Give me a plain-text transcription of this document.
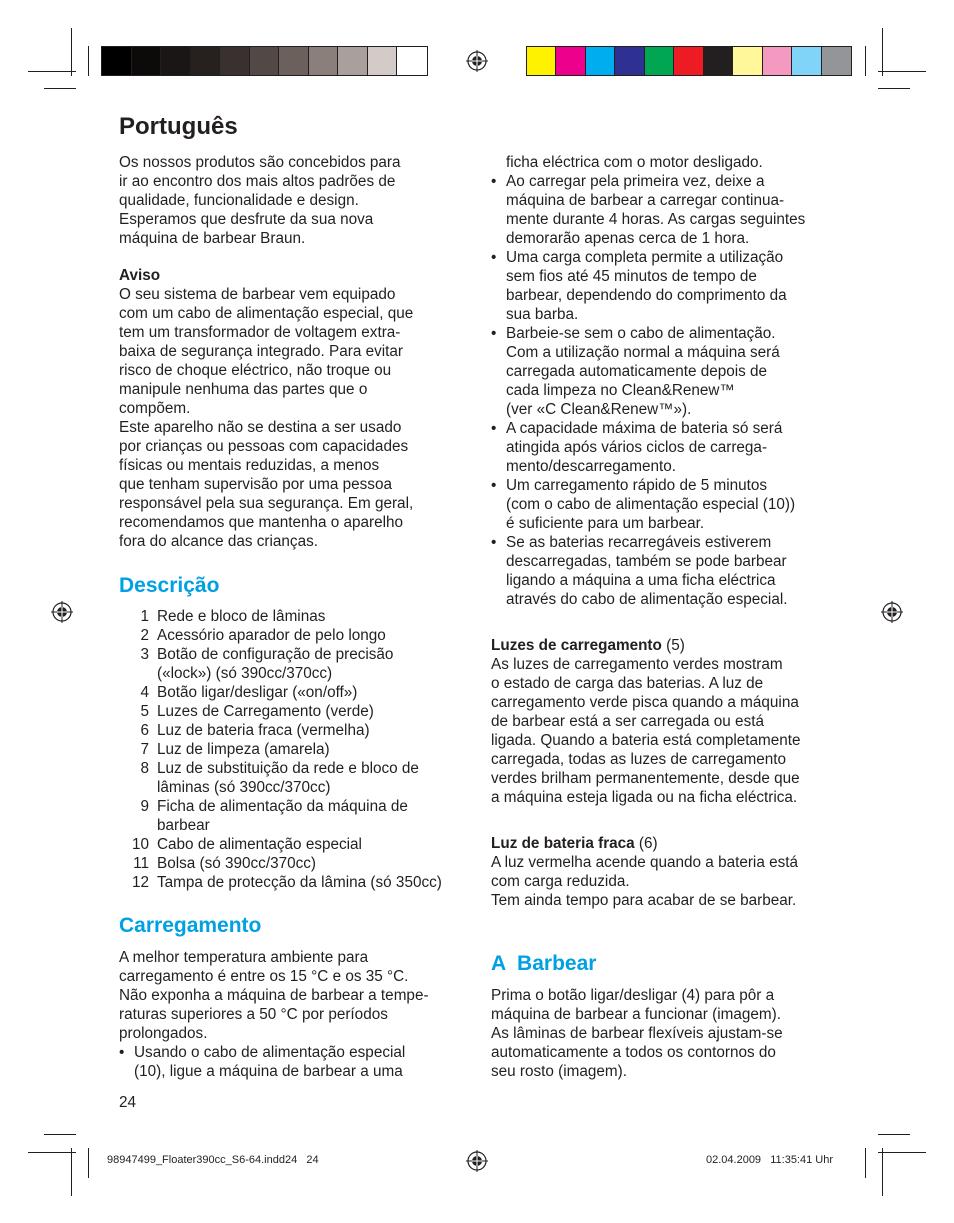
Português

Os nossos produtos são concebidos para
ir ao encontro dos mais altos padrões de
qualidade, funcionalidade e design.
Esperamos que desfrute da sua nova
máquina de barbear Braun.

Aviso

O seu sistema de barbear vem equipado
com um cabo de alimentação especial, que
tem um transformador de voltagem extra-
baixa de segurança integrado. Para evitar
risco de choque eléctrico, não troque ou
manipule nenhuma das partes que o
compõem.
Este aparelho não se destina a ser usado
por crianças ou pessoas com capacidades
físicas ou mentais reduzidas, a menos
que tenham supervisão por uma pessoa
responsável pela sua segurança. Em geral,
recomendamos que mantenha o aparelho
fora do alcance das crianças.

Descrição
1 Rede e bloco de lâminas
2 Acessório aparador de pelo longo
3 Botão de configuração de precisão
(«lock») (só 390cc/370cc)
4 Botão ligar/desligar («on/off»)
5 Luzes de Carregamento (verde)
6 Luz de bateria fraca (vermelha)
7 Luz de limpeza (amarela)
8 Luz de substituição da rede e bloco de
lâminas (só 390cc/370cc)
9 Ficha de alimentação da máquina de
barbear
10 Cabo de alimentação especial
11 Bolsa (só 390cc/370cc)
12 Tampa de protecção da lâmina (só 350cc)
Carregamento

A melhor temperatura ambiente para
carregamento é entre os 15 °C e os 35 °C.
Não exponha a máquina de barbear a tempe-
raturas superiores a 50 °C por períodos
prolongados.

• Usando o cabo de alimentação especial
(10), ligue a máquina de barbear a uma

24

ficha eléctrica com o motor desligado.

• Ao carregar pela primeira vez, deixe a
máquina de barbear a carregar continua-
mente durante 4 horas. As cargas seguintes
demorarão apenas cerca de 1 hora.
• Uma carga completa permite a utilização
sem fios até 45 minutos de tempo de
barbear, dependendo do comprimento da
sua barba.
• Barbeie-se sem o cabo de alimentação.
Com a utilização normal a máquina será
carregada automaticamente depois de
cada limpeza no Clean&Renew™
(ver «C Clean&Renew™»).
• A capacidade máxima de bateria só será
atingida após vários ciclos de carrega-
mento/descarregamento.
• Um carregamento rápido de 5 minutos
(com o cabo de alimentação especial (10))
é suficiente para um barbear.
• Se as baterias recarregáveis estiverem
descarregadas, também se pode barbear
ligando a máquina a uma ficha eléctrica
através do cabo de alimentação especial.

Luzes de carregamento (5)

As luzes de carregamento verdes mostram
o estado de carga das baterias. A luz de
carregamento verde pisca quando a máquina
de barbear está a ser carregada ou está
ligada. Quando a bateria está completamente
carregada, todas as luzes de carregamento
verdes brilham permanentemente, desde que
a máquina esteja ligada ou na ficha eléctrica.

Luz de bateria fraca (6)

A luz vermelha acende quando a bateria está
com carga reduzida.
Tem ainda tempo para acabar de se barbear.

A  Barbear

Prima o botão ligar/desligar (4) para pôr a
máquina de barbear a funcionar (imagem).
As lâminas de barbear flexíveis ajustam-se
automaticamente a todos os contornos do
seu rosto (imagem).

98947499_Floater390cc_S6-64.indd24   24	02.04.2009   11:35:41 Uhr
